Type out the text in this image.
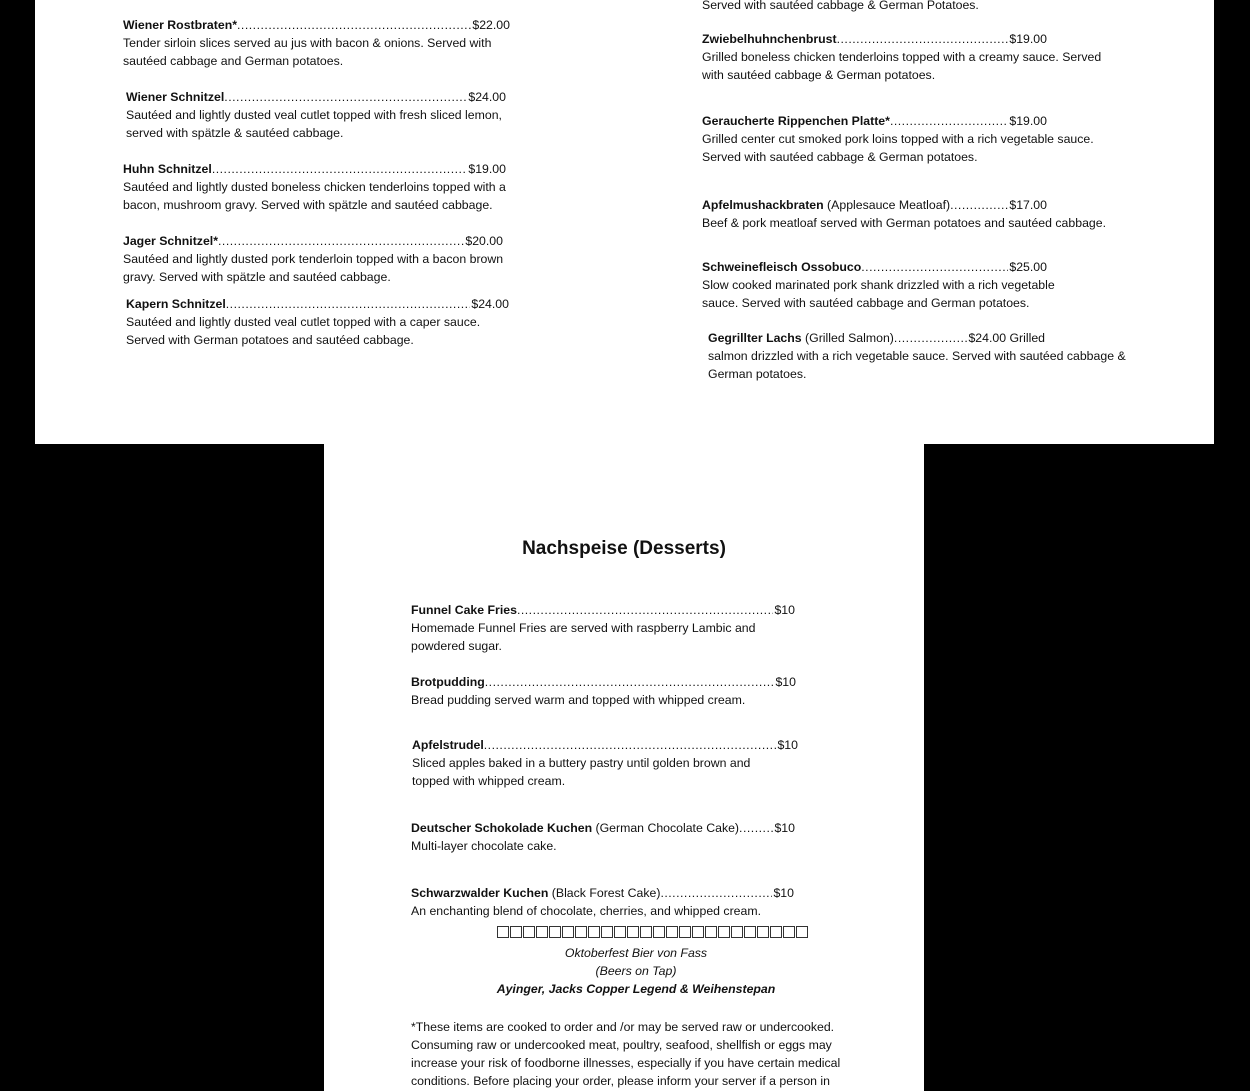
Served with sautéed cabbage & German Potatoes.
Wiener Rostbraten* .....	$22.00
Tender sirloin slices served au jus with bacon & onions. Served with sautéed cabbage and German potatoes.
Wiener Schnitzel .....	$24.00
Sautéed and lightly dusted veal cutlet topped with fresh sliced lemon, served with spätzle & sautéed cabbage.
Huhn Schnitzel .....	$19.00
Sautéed and lightly dusted boneless chicken tenderloins topped with a bacon, mushroom gravy. Served with spätzle and sautéed cabbage.
Jager Schnitzel* .....	$20.00
Sautéed and lightly dusted pork tenderloin topped with a bacon brown gravy. Served with spätzle and sautéed cabbage.
Kapern Schnitzel .....	$24.00
Sautéed and lightly dusted veal cutlet topped with a caper sauce. Served with German potatoes and sautéed cabbage.
Zwiebelhuhnchenbrust .....	$19.00
Grilled boneless chicken tenderloins topped with a creamy sauce. Served with sautéed cabbage & German potatoes.
Geraucherte Rippenchen Platte* .....	$19.00
Grilled center cut smoked pork loins topped with a rich vegetable sauce. Served with sautéed cabbage & German potatoes.
Apfelmushackbraten (Applesauce Meatloaf) .....	$17.00
Beef & pork meatloaf served with German potatoes and sautéed cabbage.
Schweinefleisch Ossobuco .....	$25.00
Slow cooked marinated pork shank drizzled with a rich vegetable sauce. Served with sautéed cabbage and German potatoes.
Gegrillter Lachs (Grilled Salmon) .....	$24.00 Grilled
salmon drizzled with a rich vegetable sauce. Served with sautéed cabbage & German potatoes.
Nachspeise (Desserts)
Oktoberfest Bier von Fass
(Beers on Tap)
Ayinger, Jacks Copper Legend & Weihenstepan
*These items are cooked to order and /or may be served raw or undercooked. Consuming raw or undercooked meat, poultry, seafood, shellfish or eggs may increase your risk of foodborne illnesses, especially if you have certain medical conditions. Before placing your order, please inform your server if a person in
Funnel Cake Fries .....	$10
Homemade Funnel Fries are served with raspberry Lambic and powdered sugar.
Brotpudding .....	$10
Bread pudding served warm and topped with whipped cream.
Apfelstrudel .....	$10
Sliced apples baked in a buttery pastry until golden brown and topped with whipped cream.
Deutscher Schokolade Kuchen (German Chocolate Cake) .....	$10
Multi-layer chocolate cake.
Schwarzwalder Kuchen (Black Forest Cake) .....	$10
An enchanting blend of chocolate, cherries, and whipped cream.
